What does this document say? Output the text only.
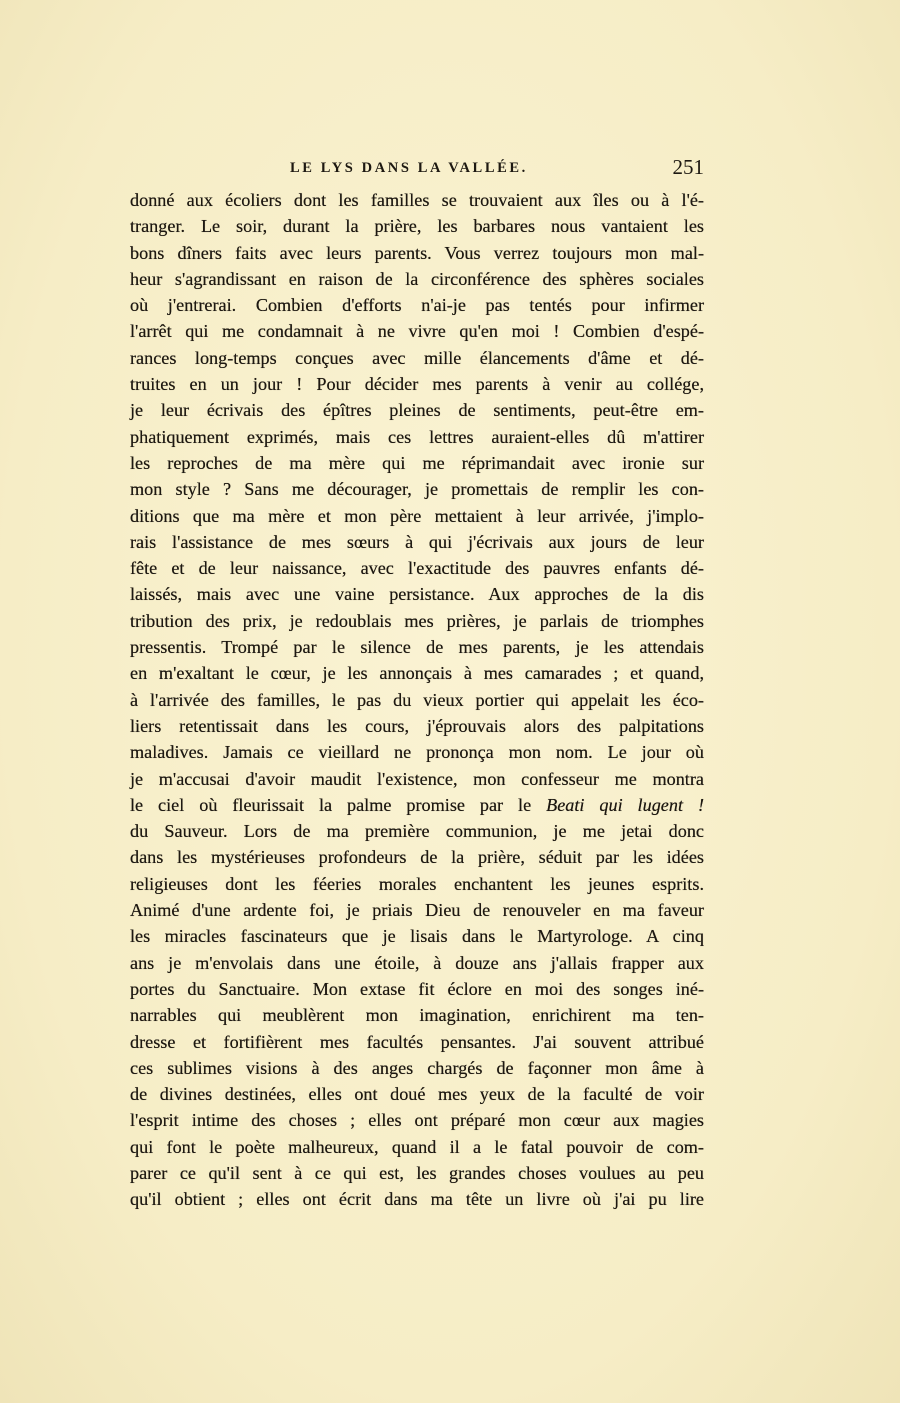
LE LYS DANS LA VALLÉE.	251
donné aux écoliers dont les familles se trouvaient aux îles ou à l'é-
tranger. Le soir, durant la prière, les barbares nous vantaient les
bons dîners faits avec leurs parents. Vous verrez toujours mon mal-
heur s'agrandissant en raison de la circonférence des sphères sociales
où j'entrerai. Combien d'efforts n'ai-je pas tentés pour infirmer
l'arrêt qui me condamnait à ne vivre qu'en moi ! Combien d'espé-
rances long-temps conçues avec mille élancements d'âme et dé-
truites en un jour ! Pour décider mes parents à venir au collége,
je leur écrivais des épîtres pleines de sentiments, peut-être em-
phatiquement exprimés, mais ces lettres auraient-elles dû m'attirer
les reproches de ma mère qui me réprimandait avec ironie sur
mon style ? Sans me décourager, je promettais de remplir les con-
ditions que ma mère et mon père mettaient à leur arrivée, j'implo-
rais l'assistance de mes sœurs à qui j'écrivais aux jours de leur
fête et de leur naissance, avec l'exactitude des pauvres enfants dé-
laissés, mais avec une vaine persistance. Aux approches de la dis
tribution des prix, je redoublais mes prières, je parlais de triomphes
pressentis. Trompé par le silence de mes parents, je les attendais
en m'exaltant le cœur, je les annonçais à mes camarades ; et quand,
à l'arrivée des familles, le pas du vieux portier qui appelait les éco-
liers retentissait dans les cours, j'éprouvais alors des palpitations
maladives. Jamais ce vieillard ne prononça mon nom. Le jour où
je m'accusai d'avoir maudit l'existence, mon confesseur me montra
le ciel où fleurissait la palme promise par le Beati qui lugent !
du Sauveur. Lors de ma première communion, je me jetai donc
dans les mystérieuses profondeurs de la prière, séduit par les idées
religieuses dont les féeries morales enchantent les jeunes esprits.
Animé d'une ardente foi, je priais Dieu de renouveler en ma faveur
les miracles fascinateurs que je lisais dans le Martyrologe. A cinq
ans je m'envolais dans une étoile, à douze ans j'allais frapper aux
portes du Sanctuaire. Mon extase fit éclore en moi des songes iné-
narrables qui meublèrent mon imagination, enrichirent ma ten-
dresse et fortifièrent mes facultés pensantes. J'ai souvent attribué
ces sublimes visions à des anges chargés de façonner mon âme à
de divines destinées, elles ont doué mes yeux de la faculté de voir
l'esprit intime des choses ; elles ont préparé mon cœur aux magies
qui font le poète malheureux, quand il a le fatal pouvoir de com-
parer ce qu'il sent à ce qui est, les grandes choses voulues au peu
qu'il obtient ; elles ont écrit dans ma tête un livre où j'ai pu lire
